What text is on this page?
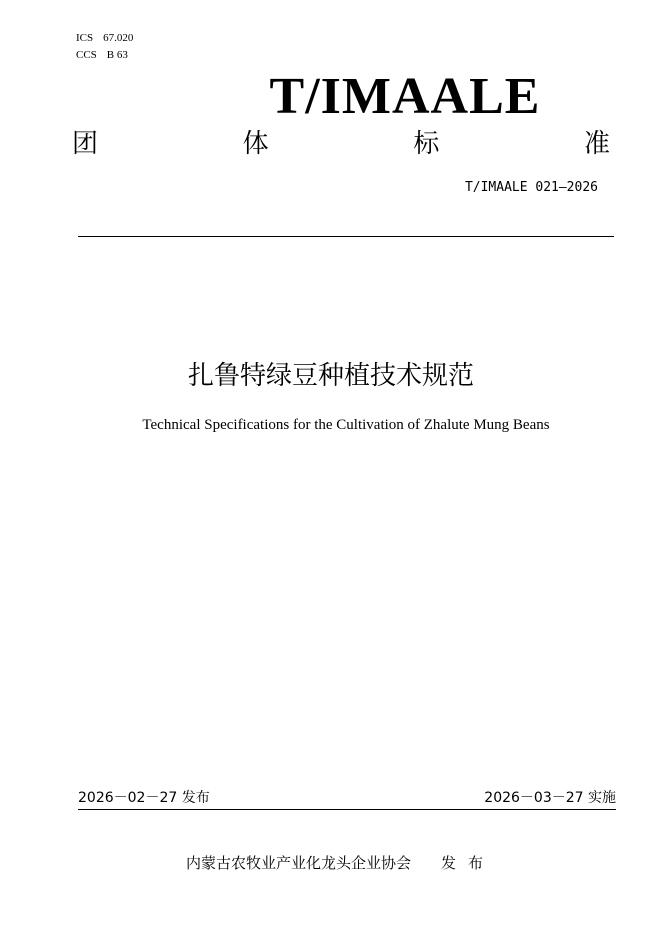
ICS 67.020
CCS B 63
T/IMAALE
团	体	标	准
T/IMAALE 021—2026
扎鲁特绿豆种植技术规范
Technical Specifications for the Cultivation of Zhalute Mung Beans
2026－02－27 发布	2026－03－27 实施
内蒙古农牧业产业化龙头企业协会 发布
